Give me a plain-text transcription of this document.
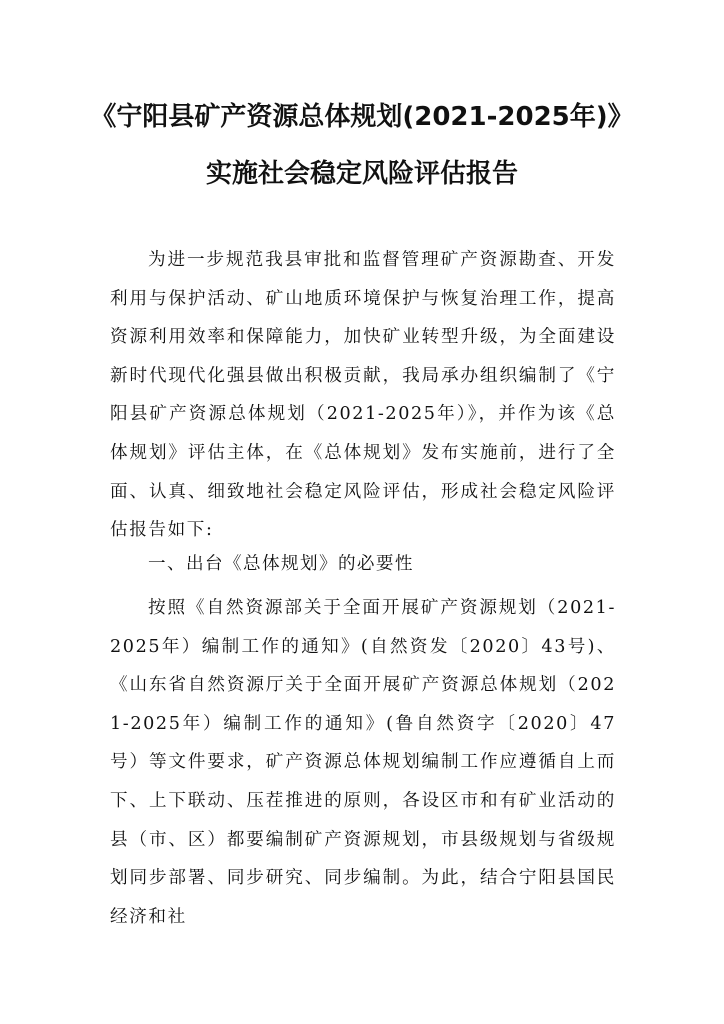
《宁阳县矿产资源总体规划(2021-2025年)》
实施社会稳定风险评估报告
为进一步规范我县审批和监督管理矿产资源勘查、开发利用与保护活动、矿山地质环境保护与恢复治理工作，提高资源利用效率和保障能力，加快矿业转型升级，为全面建设新时代现代化强县做出积极贡献，我局承办组织编制了《宁阳县矿产资源总体规划（2021-2025年）》，并作为该《总体规划》评估主体，在《总体规划》发布实施前，进行了全面、认真、细致地社会稳定风险评估，形成社会稳定风险评估报告如下:
一、出台《总体规划》的必要性
按照《自然资源部关于全面开展矿产资源规划（2021-2025年）编制工作的通知》(自然资发〔2020〕43号)、《山东省自然资源厅关于全面开展矿产资源总体规划（2021-2025年）编制工作的通知》(鲁自然资字〔2020〕47号）等文件要求，矿产资源总体规划编制工作应遵循自上而下、上下联动、压茬推进的原则，各设区市和有矿业活动的县（市、区）都要编制矿产资源规划，市县级规划与省级规划同步部署、同步研究、同步编制。为此，结合宁阳县国民经济和社
